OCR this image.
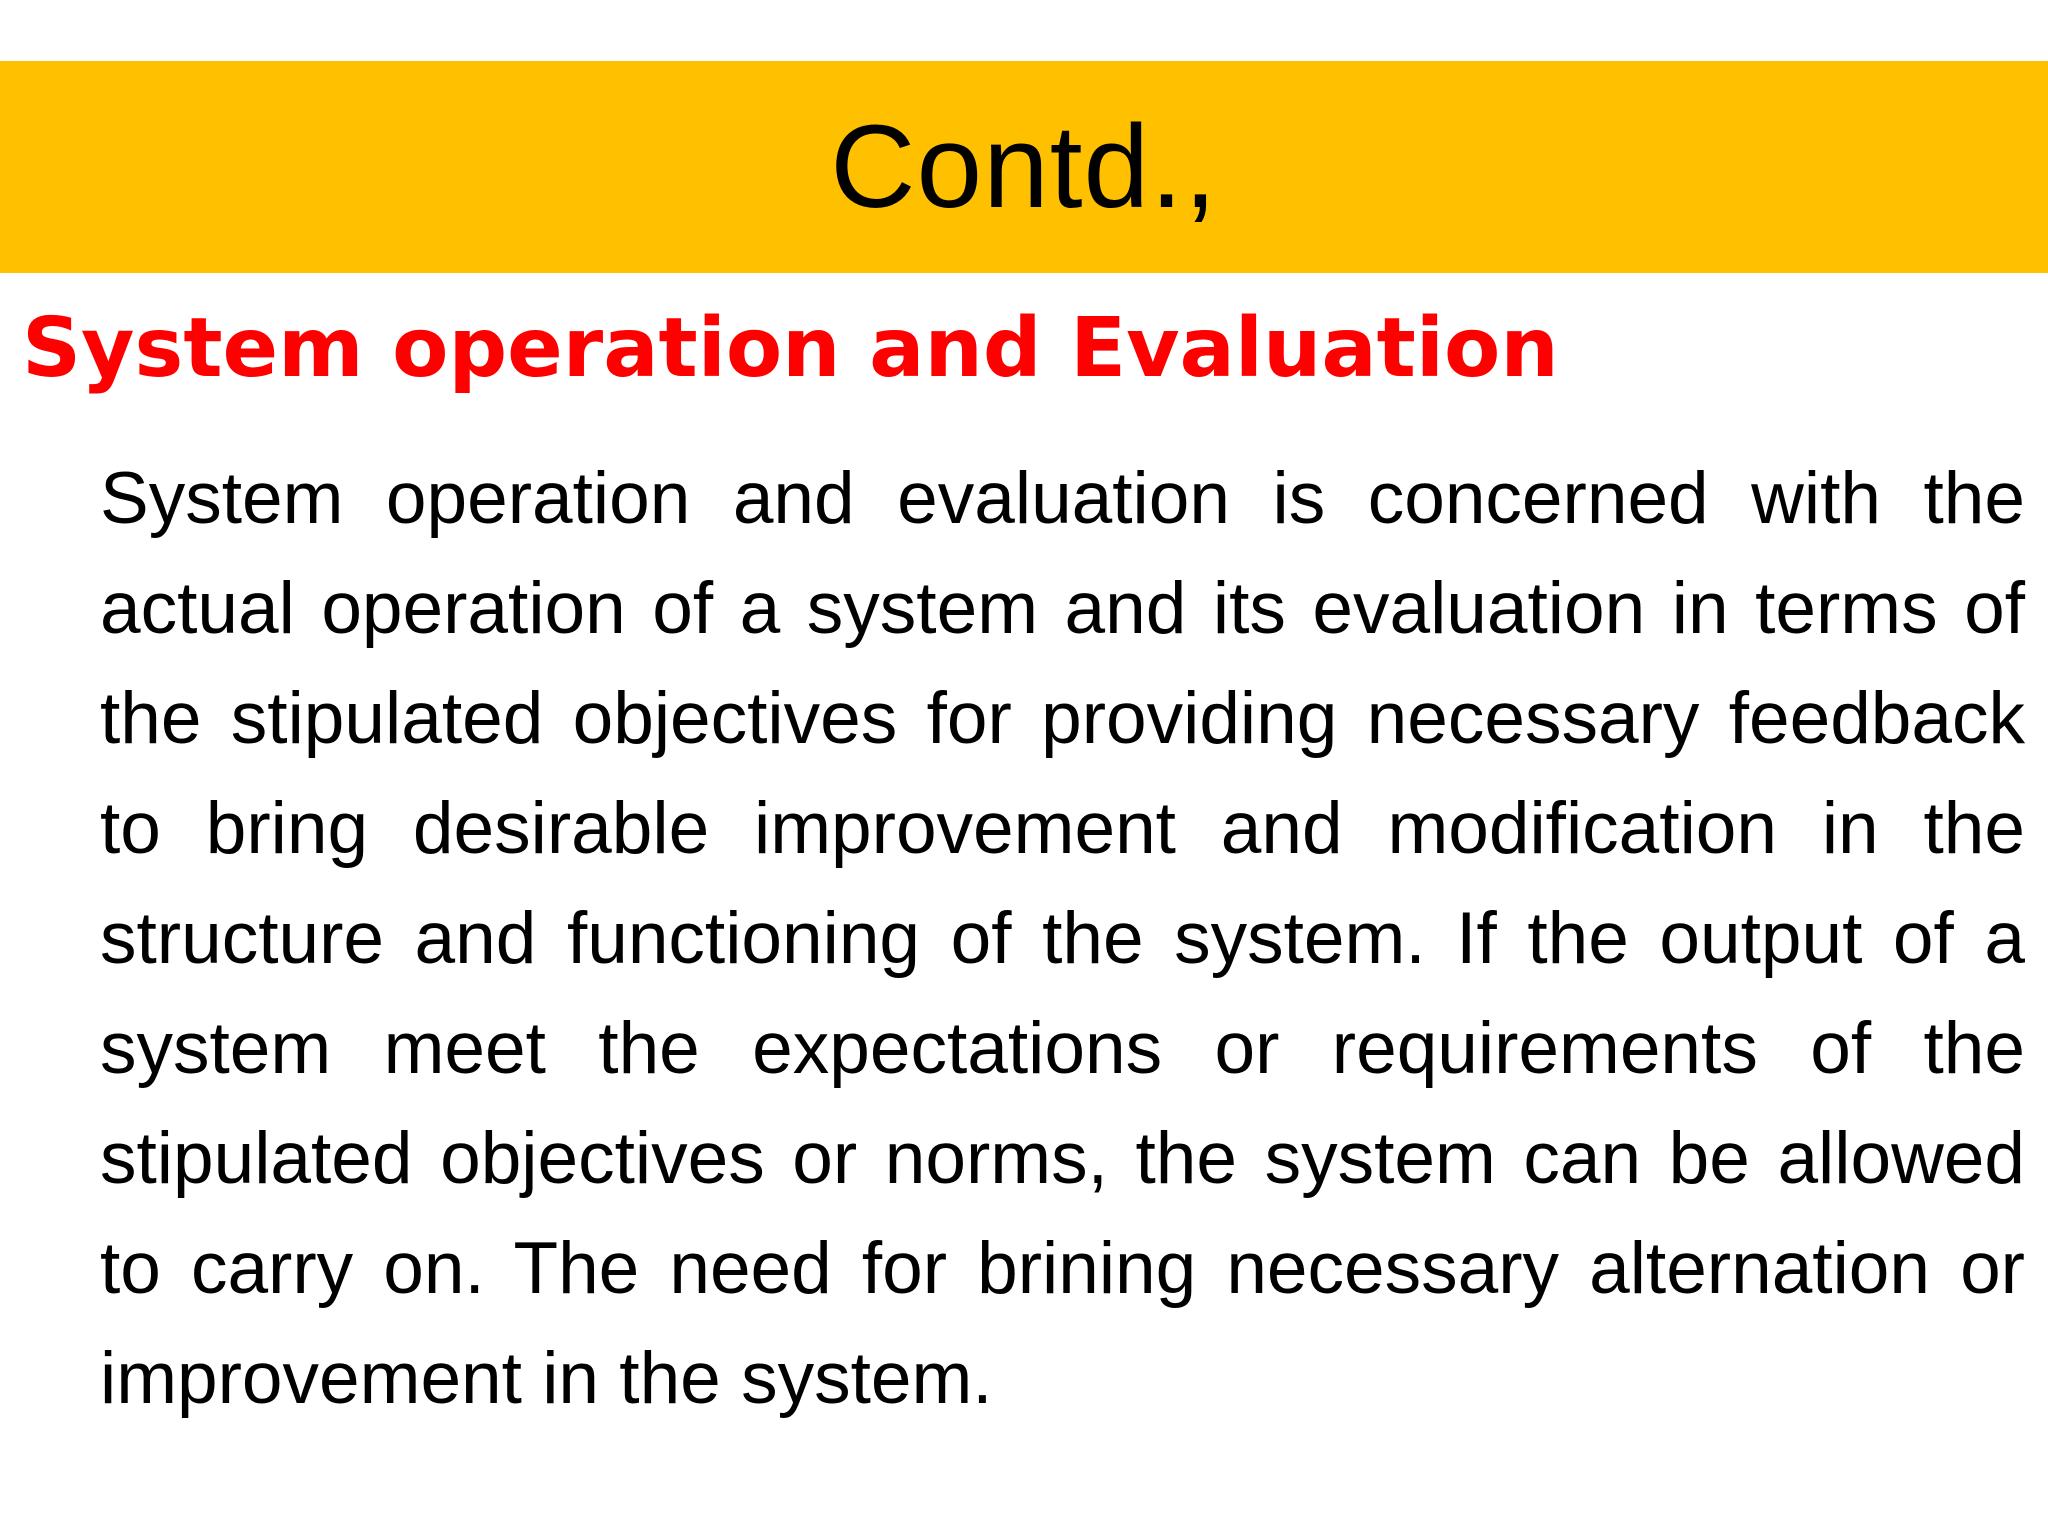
Contd.,
System operation and Evaluation

System operation and evaluation is concerned with the actual operation of a system and its evaluation in terms of the stipulated objectives for providing necessary feedback to bring desirable improvement and modification in the structure and functioning of the system. If the output of a system meet the expectations or requirements of the stipulated objectives or norms, the system can be allowed to carry on. The need for brining necessary alternation or improvement in the system.
